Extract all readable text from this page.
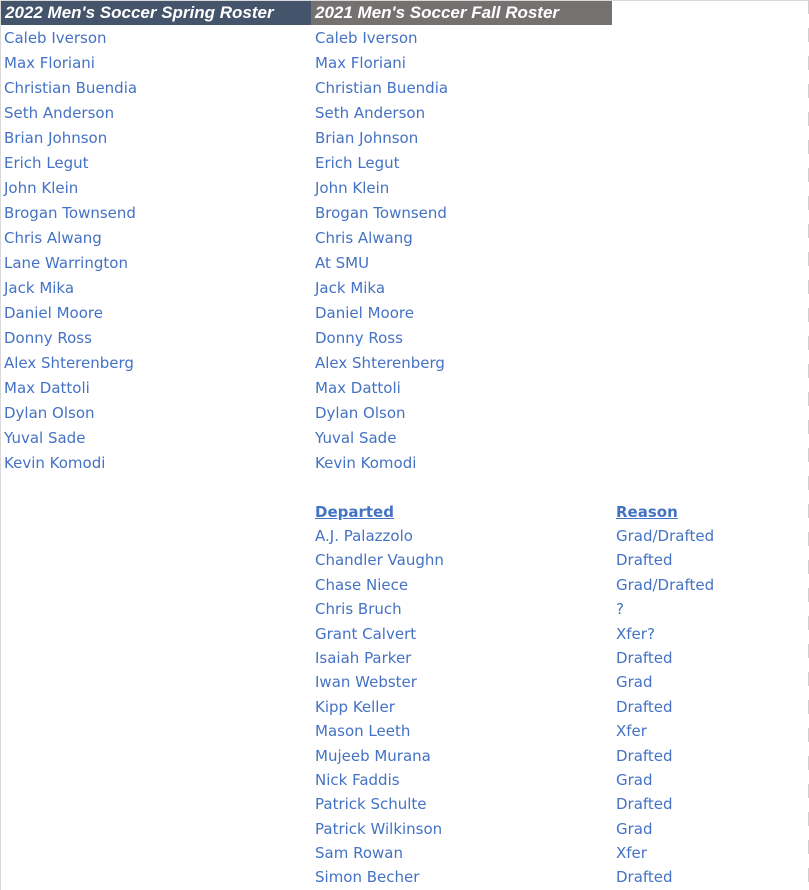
2022 Men's Soccer Spring Roster	2021 Men's Soccer Fall Roster
Caleb Iverson
Max Floriani
Christian Buendia
Seth Anderson
Brian Johnson
Erich Legut
John Klein
Brogan Townsend
Chris Alwang
Lane Warrington
Jack Mika
Daniel Moore
Donny Ross
Alex Shterenberg
Max Dattoli
Dylan Olson
Yuval Sade
Kevin Komodi
Caleb Iverson
Max Floriani
Christian Buendia
Seth Anderson
Brian Johnson
Erich Legut
John Klein
Brogan Townsend
Chris Alwang
At SMU
Jack Mika
Daniel Moore
Donny Ross
Alex Shterenberg
Max Dattoli
Dylan Olson
Yuval Sade
Kevin Komodi
Departed	Reason
A.J. Palazzolo
Chandler Vaughn
Chase Niece
Chris Bruch
Grant Calvert
Isaiah Parker
Iwan Webster
Kipp Keller
Mason Leeth
Mujeeb Murana
Nick Faddis
Patrick Schulte
Patrick Wilkinson
Sam Rowan
Simon Becher
Grad/Drafted
Drafted
Grad/Drafted
?
Xfer?
Drafted
Grad
Drafted
Xfer
Drafted
Grad
Drafted
Grad
Xfer
Drafted
